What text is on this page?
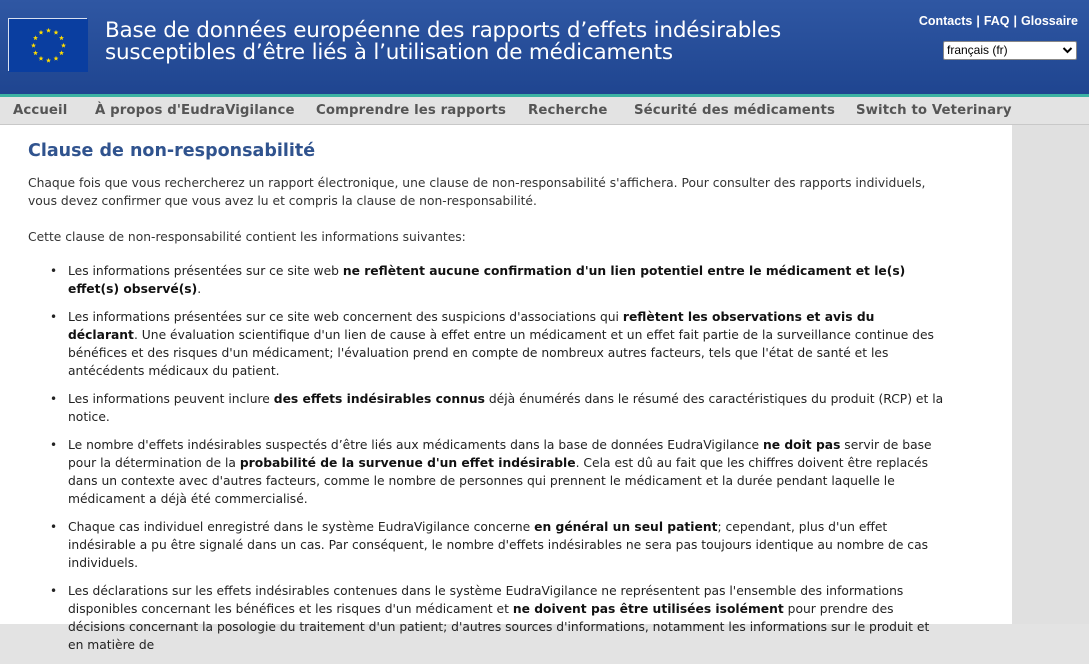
Base de données européenne des rapports d’effets indésirables
susceptibles d’être liés à l’utilisation de médicaments
Contacts | FAQ | Glossaire
français (fr)
Accueil À propos d'EudraVigilance Comprendre les rapports Recherche Sécurité des médicaments Switch to Veterinary
Clause de non-responsabilité

Chaque fois que vous rechercherez un rapport électronique, une clause de non-responsabilité s'affichera. Pour consulter des rapports individuels, vous devez confirmer que vous avez lu et compris la clause de non-responsabilité.

Cette clause de non-responsabilité contient les informations suivantes:

• Les informations présentées sur ce site web ne reflètent aucune confirmation d'un lien potentiel entre le médicament et le(s) effet(s) observé(s).
• Les informations présentées sur ce site web concernent des suspicions d'associations qui reflètent les observations et avis du déclarant. Une évaluation scientifique d'un lien de cause à effet entre un médicament et un effet fait partie de la surveillance continue des bénéfices et des risques d'un médicament; l'évaluation prend en compte de nombreux autres facteurs, tels que l'état de santé et les antécédents médicaux du patient.
• Les informations peuvent inclure des effets indésirables connus déjà énumérés dans le résumé des caractéristiques du produit (RCP) et la notice.
• Le nombre d'effets indésirables suspectés d’être liés aux médicaments dans la base de données EudraVigilance ne doit pas servir de base pour la détermination de la probabilité de la survenue d'un effet indésirable. Cela est dû au fait que les chiffres doivent être replacés dans un contexte avec d'autres facteurs, comme le nombre de personnes qui prennent le médicament et la durée pendant laquelle le médicament a déjà été commercialisé.
• Chaque cas individuel enregistré dans le système EudraVigilance concerne en général un seul patient; cependant, plus d'un effet indésirable a pu être signalé dans un cas. Par conséquent, le nombre d'effets indésirables ne sera pas toujours identique au nombre de cas individuels.
• Les déclarations sur les effets indésirables contenues dans le système EudraVigilance ne représentent pas l'ensemble des informations disponibles concernant les bénéfices et les risques d'un médicament et ne doivent pas être utilisées isolément pour prendre des décisions concernant la posologie du traitement d'un patient; d'autres sources d'informations, notamment les informations sur le produit et en matière de
